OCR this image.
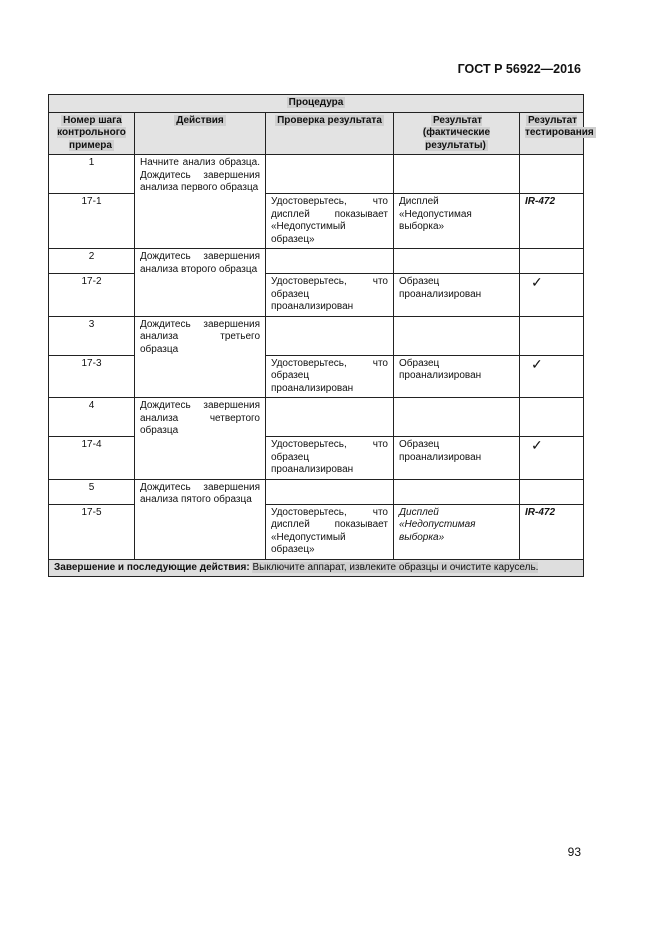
ГОСТ Р 56922—2016
Процедура				
Номер шага контрольного примера	Действия	Проверка результата	Результат (фактические результаты)	Результат тестирования
1	Начните анализ образца. Дождитесь завершения анализа первого образца			
17-1		Удостоверьтесь, что дисплей показывает «Недопустимый образец»	Дисплей «Недопустимая выборка»	IR-472
2	Дождитесь завершения анализа второго образца			
17-2		Удостоверьтесь, что образец проанализирован	Образец проанализирован	✓
3	Дождитесь завершения анализа третьего образца			
17-3		Удостоверьтесь, что образец проанализирован	Образец проанализирован	✓
4	Дождитесь завершения анализа четвертого образца			
17-4		Удостоверьтесь, что образец проанализирован	Образец проанализирован	✓
5	Дождитесь завершения анализа пятого образца			
17-5		Удостоверьтесь, что дисплей показывает «Недопустимый образец»	Дисплей «Недопустимая выборка»	IR-472
Завершение и последующие действия: Выключите аппарат, извлеките образцы и очистите карусель.				
93
